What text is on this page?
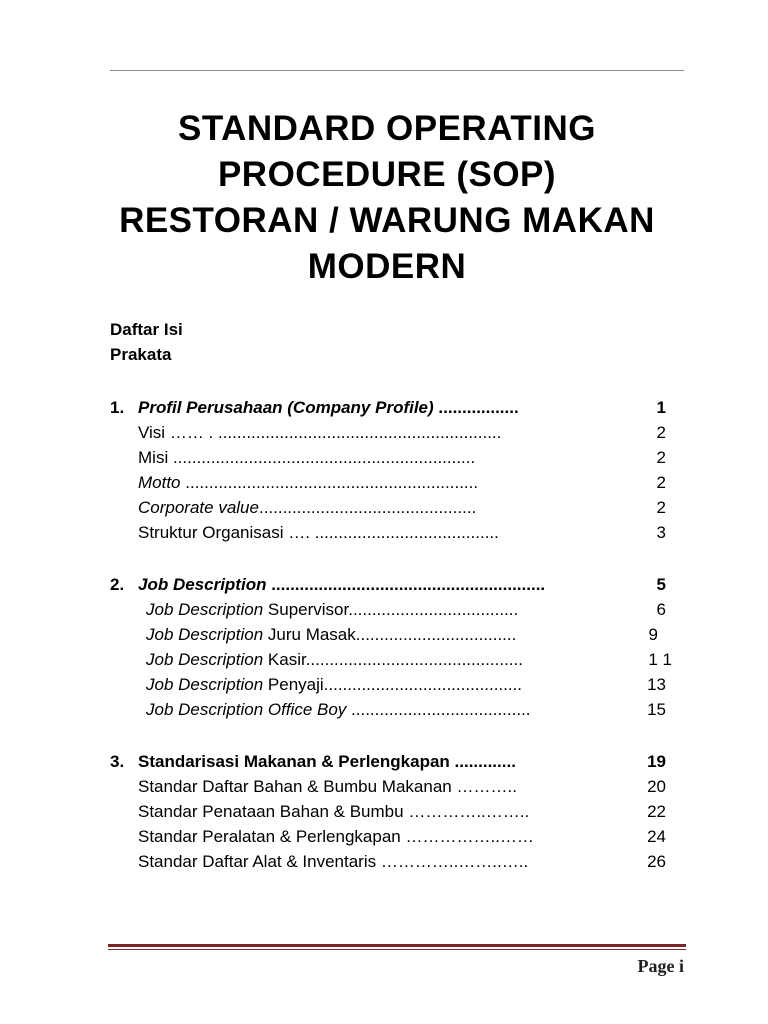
STANDARD OPERATING
PROCEDURE (SOP)
RESTORAN / WARUNG MAKAN
MODERN
Daftar Isi
Prakata
1. Profil Perusahaan (Company Profile) .................	1
Visi …… . ............................................................	2
Misi ................................................................	2
Motto ..............................................................	2
Corporate value..............................................	2
Struktur Organisasi …. .......................................	3
2. Job Description ..........................................................	5
Job Description Supervisor....................................	6
Job Description Juru Masak..................................	9
Job Description Kasir..............................................	1 1
Job Description Penyaji..........................................	13
Job Description Office Boy ......................................	15
3. Standarisasi Makanan & Perlengkapan .............	19
Standar Daftar Bahan & Bumbu Makanan ………..	20
Standar Penataan Bahan & Bumbu …………..……..	22
Standar Peralatan & Perlengkapan ……………..……	24
Standar Daftar Alat & Inventaris …………..……..…..	26
Page i
